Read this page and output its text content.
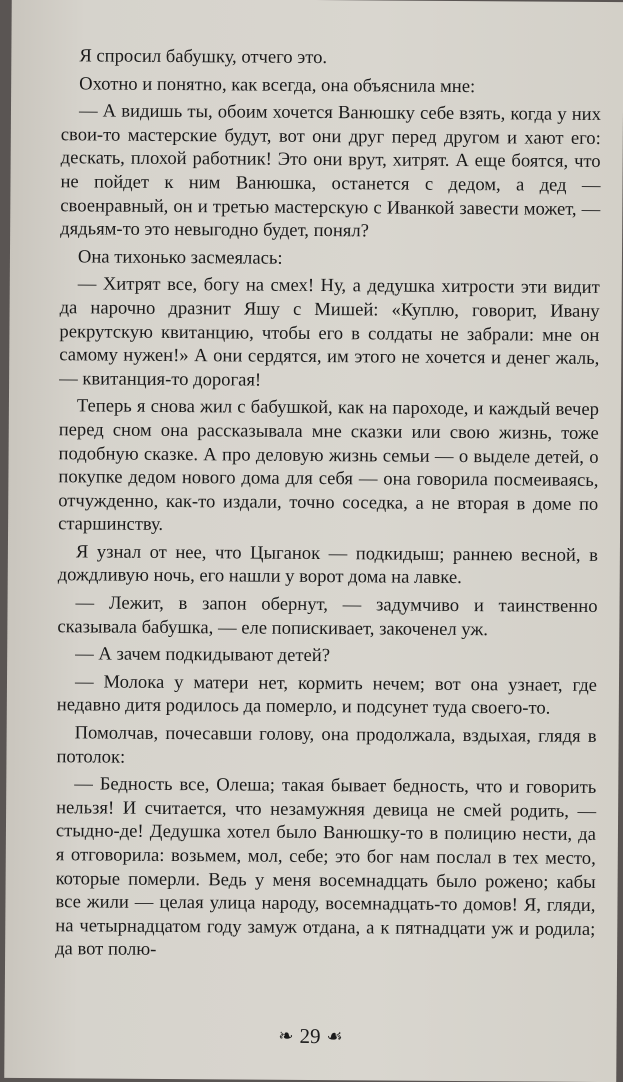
Я спросил бабушку, отчего это.

Охотно и понятно, как всегда, она объяснила мне:

— А видишь ты, обоим хочется Ванюшку себе взять, когда у них свои-то мастерские будут, вот они друг перед другом и хают его: дескать, плохой работник! Это они врут, хитрят. А еще боятся, что не пойдет к ним Ванюшка, останется с дедом, а дед — своенравный, он и третью мастерскую с Иванкой завести может, — дядьям-то это невыгодно будет, понял?

Она тихонько засмеялась:

— Хитрят все, богу на смех! Ну, а дедушка хитрости эти видит да нарочно дразнит Яшу с Мишей: «Куплю, говорит, Ивану рекрутскую квитанцию, чтобы его в солдаты не забрали: мне он самому нужен!» А они сердятся, им этого не хочется и денег жаль, — квитанция-то дорогая!

Теперь я снова жил с бабушкой, как на пароходе, и каждый вечер перед сном она рассказывала мне сказки или свою жизнь, тоже подобную сказке. А про деловую жизнь семьи — о выделе детей, о покупке дедом нового дома для себя — она говорила посмеиваясь, отчужденно, как-то издали, точно соседка, а не вторая в доме по старшинству.

Я узнал от нее, что Цыганок — подкидыш; раннею весной, в дождливую ночь, его нашли у ворот дома на лавке.

— Лежит, в запон обернут, — задумчиво и таинственно сказывала бабушка, — еле попискивает, закоченел уж.

— А зачем подкидывают детей?

— Молока у матери нет, кормить нечем; вот она узнает, где недавно дитя родилось да померло, и подсунет туда своего-то.

Помолчав, почесавши голову, она продолжала, вздыхая, глядя в потолок:

— Бедность все, Олеша; такая бывает бедность, что и говорить нельзя! И считается, что незамужняя девица не смей родить, — стыдно-де! Дедушка хотел было Ванюшку-то в полицию нести, да я отговорила: возьмем, мол, себе; это бог нам послал в тех место, которые померли. Ведь у меня восемнадцать было рожено; кабы все жили — целая улица народу, восемнадцать-то домов! Я, гляди, на четырнадцатом году замуж отдана, а к пятнадцати уж и родила; да вот полю-

❧ 29 ☙
